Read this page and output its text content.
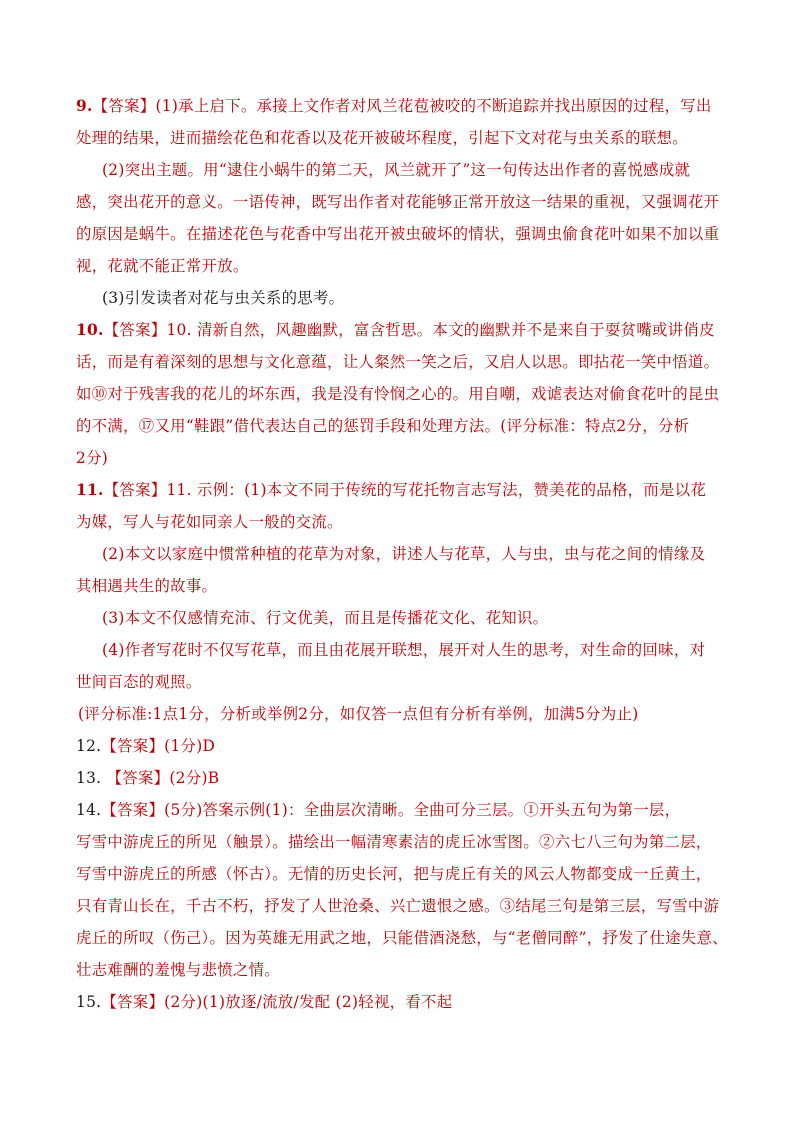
9.【答案】(1)承上启下。承接上文作者对风兰花苞被咬的不断追踪并找出原因的过程，写出
处理的结果，进而描绘花色和花香以及花开被破坏程度，引起下文对花与虫关系的联想。
(2)突出主题。用“逮住小蜗牛的第二天，风兰就开了”这一句传达出作者的喜悦感成就
感，突出花开的意义。一语传神，既写出作者对花能够正常开放这一结果的重视，又强调花开
的原因是蜗牛。在描述花色与花香中写出花开被虫破坏的情状，强调虫偷食花叶如果不加以重
视，花就不能正常开放。
(3)引发读者对花与虫关系的思考。
10.【答案】10. 清新自然，风趣幽默，富含哲思。本文的幽默并不是来自于耍贫嘴或讲俏皮
话，而是有着深刻的思想与文化意蕴，让人粲然一笑之后，又启人以思。即拈花一笑中悟道。
如⑩对于残害我的花儿的坏东西，我是没有怜悯之心的。用自嘲，戏谑表达对偷食花叶的昆虫
的不满，⑰又用“鞋跟”借代表达自己的惩罚手段和处理方法。(评分标准：特点2分，分析
2分)
11.【答案】11. 示例：(1)本文不同于传统的写花托物言志写法，赞美花的品格，而是以花
为媒，写人与花如同亲人一般的交流。
(2)本文以家庭中惯常种植的花草为对象，讲述人与花草，人与虫，虫与花之间的情缘及
其相遇共生的故事。
(3)本文不仅感情充沛、行文优美，而且是传播花文化、花知识。
(4)作者写花时不仅写花草，而且由花展开联想，展开对人生的思考，对生命的回味，对
世间百态的观照。
(评分标准:1点1分，分析或举例2分，如仅答一点但有分析有举例，加满5分为止)
12.【答案】(1分)D
13. 【答案】(2分)B
14.【答案】(5分)答案示例(1)：全曲层次清晰。全曲可分三层。①开头五句为第一层，
写雪中游虎丘的所见（触景）。描绘出一幅清寒素洁的虎丘冰雪图。②六七八三句为第二层，
写雪中游虎丘的所感（怀古）。无情的历史长河，把与虎丘有关的风云人物都变成一丘黄土，
只有青山长在，千古不朽，抒发了人世沧桑、兴亡遗恨之感。③结尾三句是第三层，写雪中游
虎丘的所叹（伤己）。因为英雄无用武之地，只能借酒浇愁，与“老僧同醉”，抒发了仕途失意、
壮志难酬的羞愧与悲愤之情。
15.【答案】(2分)(1)放逐/流放/发配 (2)轻视，看不起
